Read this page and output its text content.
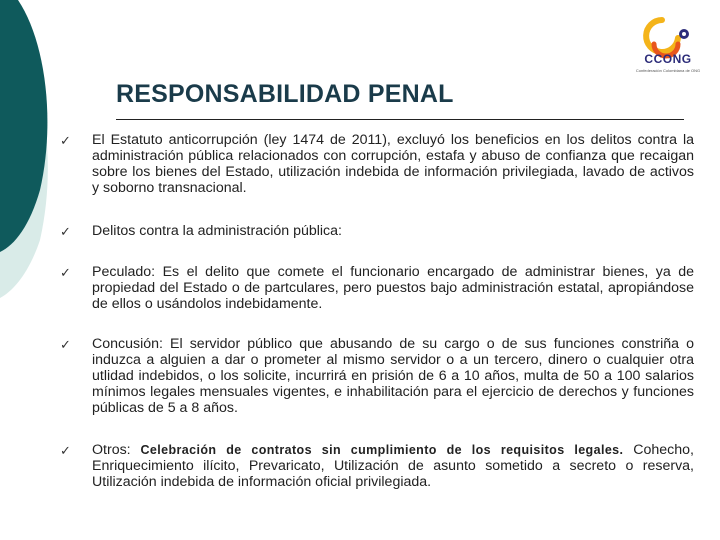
CCONG
Confederación Colombiana de ONG
RESPONSABILIDAD PENAL
✓ El Estatuto anticorrupción (ley 1474 de 2011), excluyó los beneficios en los delitos contra la administración pública relacionados con corrupción, estafa y abuso de confianza que recaigan sobre los bienes del Estado, utilización indebida de información privilegiada, lavado de activos y soborno transnacional.
✓ Delitos contra la administración pública:
✓ Peculado: Es el delito que comete el funcionario encargado de administrar bienes, ya de propiedad del Estado o de partculares, pero puestos bajo administración estatal, apropiándose de ellos o usándolos indebidamente.
✓ Concusión: El servidor público que abusando de su cargo o de sus funciones constriña o induzca a alguien a dar o prometer al mismo servidor o a un tercero, dinero o cualquier otra utlidad indebidos, o los solicite, incurrirá en prisión de 6 a 10 años, multa de 50 a 100 salarios mínimos legales mensuales vigentes, e inhabilitación para el ejercicio de derechos y funciones públicas de 5 a 8 años.
✓ Otros: Celebración de contratos sin cumplimiento de los requisitos legales. Cohecho, Enriquecimiento ilícito, Prevaricato, Utilización de asunto sometido a secreto o reserva, Utilización indebida de información oficial privilegiada.
